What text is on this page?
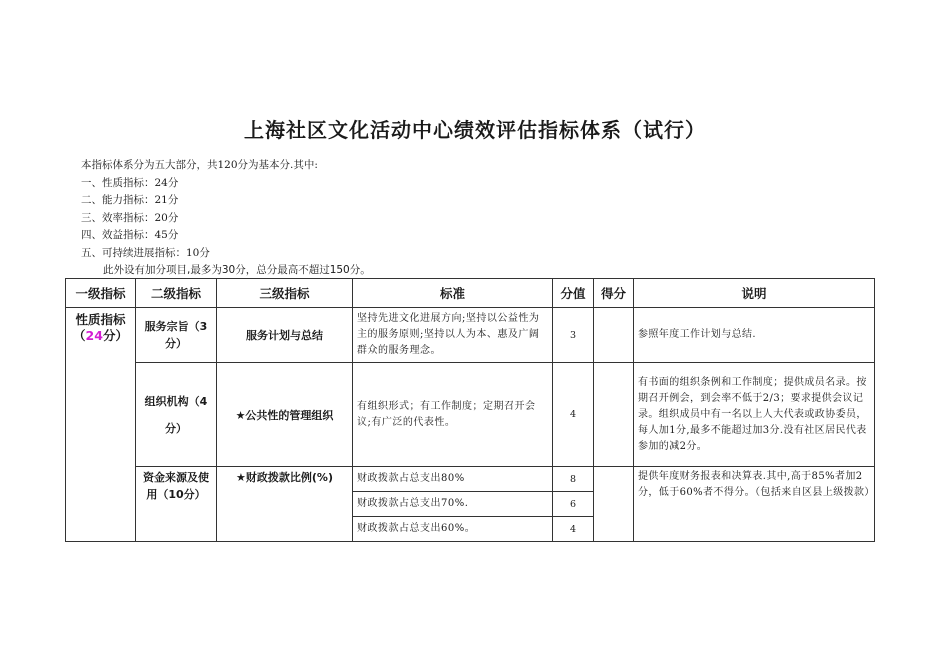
上海社区文化活动中心绩效评估指标体系（试行）
本指标体系分为五大部分，共120分为基本分.其中:
一、性质指标：24分
二、能力指标：21分
三、效率指标：20分
四、效益指标：45分
五、可持续进展指标：10分
此外设有加分项目,最多为30分，总分最高不超过150分。
一级指标	二级指标	三级指标	标准	分值	得分	说明

性质指标
（24分）	服务宗旨（3分）	服务计划与总结	坚持先进文化进展方向;坚持以公益性为主的服务原则;坚持以人为本、惠及广阔群众的服务理念。	3		参照年度工作计划与总结.

	组织机构（4
分）	★公共性的管理组织	有组织形式；有工作制度；定期召开会议;有广泛的代表性。	4		有书面的组织条例和工作制度；提供成员名录。按期召开例会，到会率不低于2/3；要求提供会议记录。组织成员中有一名以上人大代表或政协委员，每人加1分,最多不能超过加3分.没有社区居民代表参加的减2分。
	资金来源及使用（10分）	★财政拨款比例(%)	财政拨款占总支出80%	8		提供年度财务报表和决算表.其中,高于85%者加2分，低于60%者不得分。（包括来自区县上级拨款）
			财政拨款占总支出70%.	6		
			财政拨款占总支出60%。	4		
